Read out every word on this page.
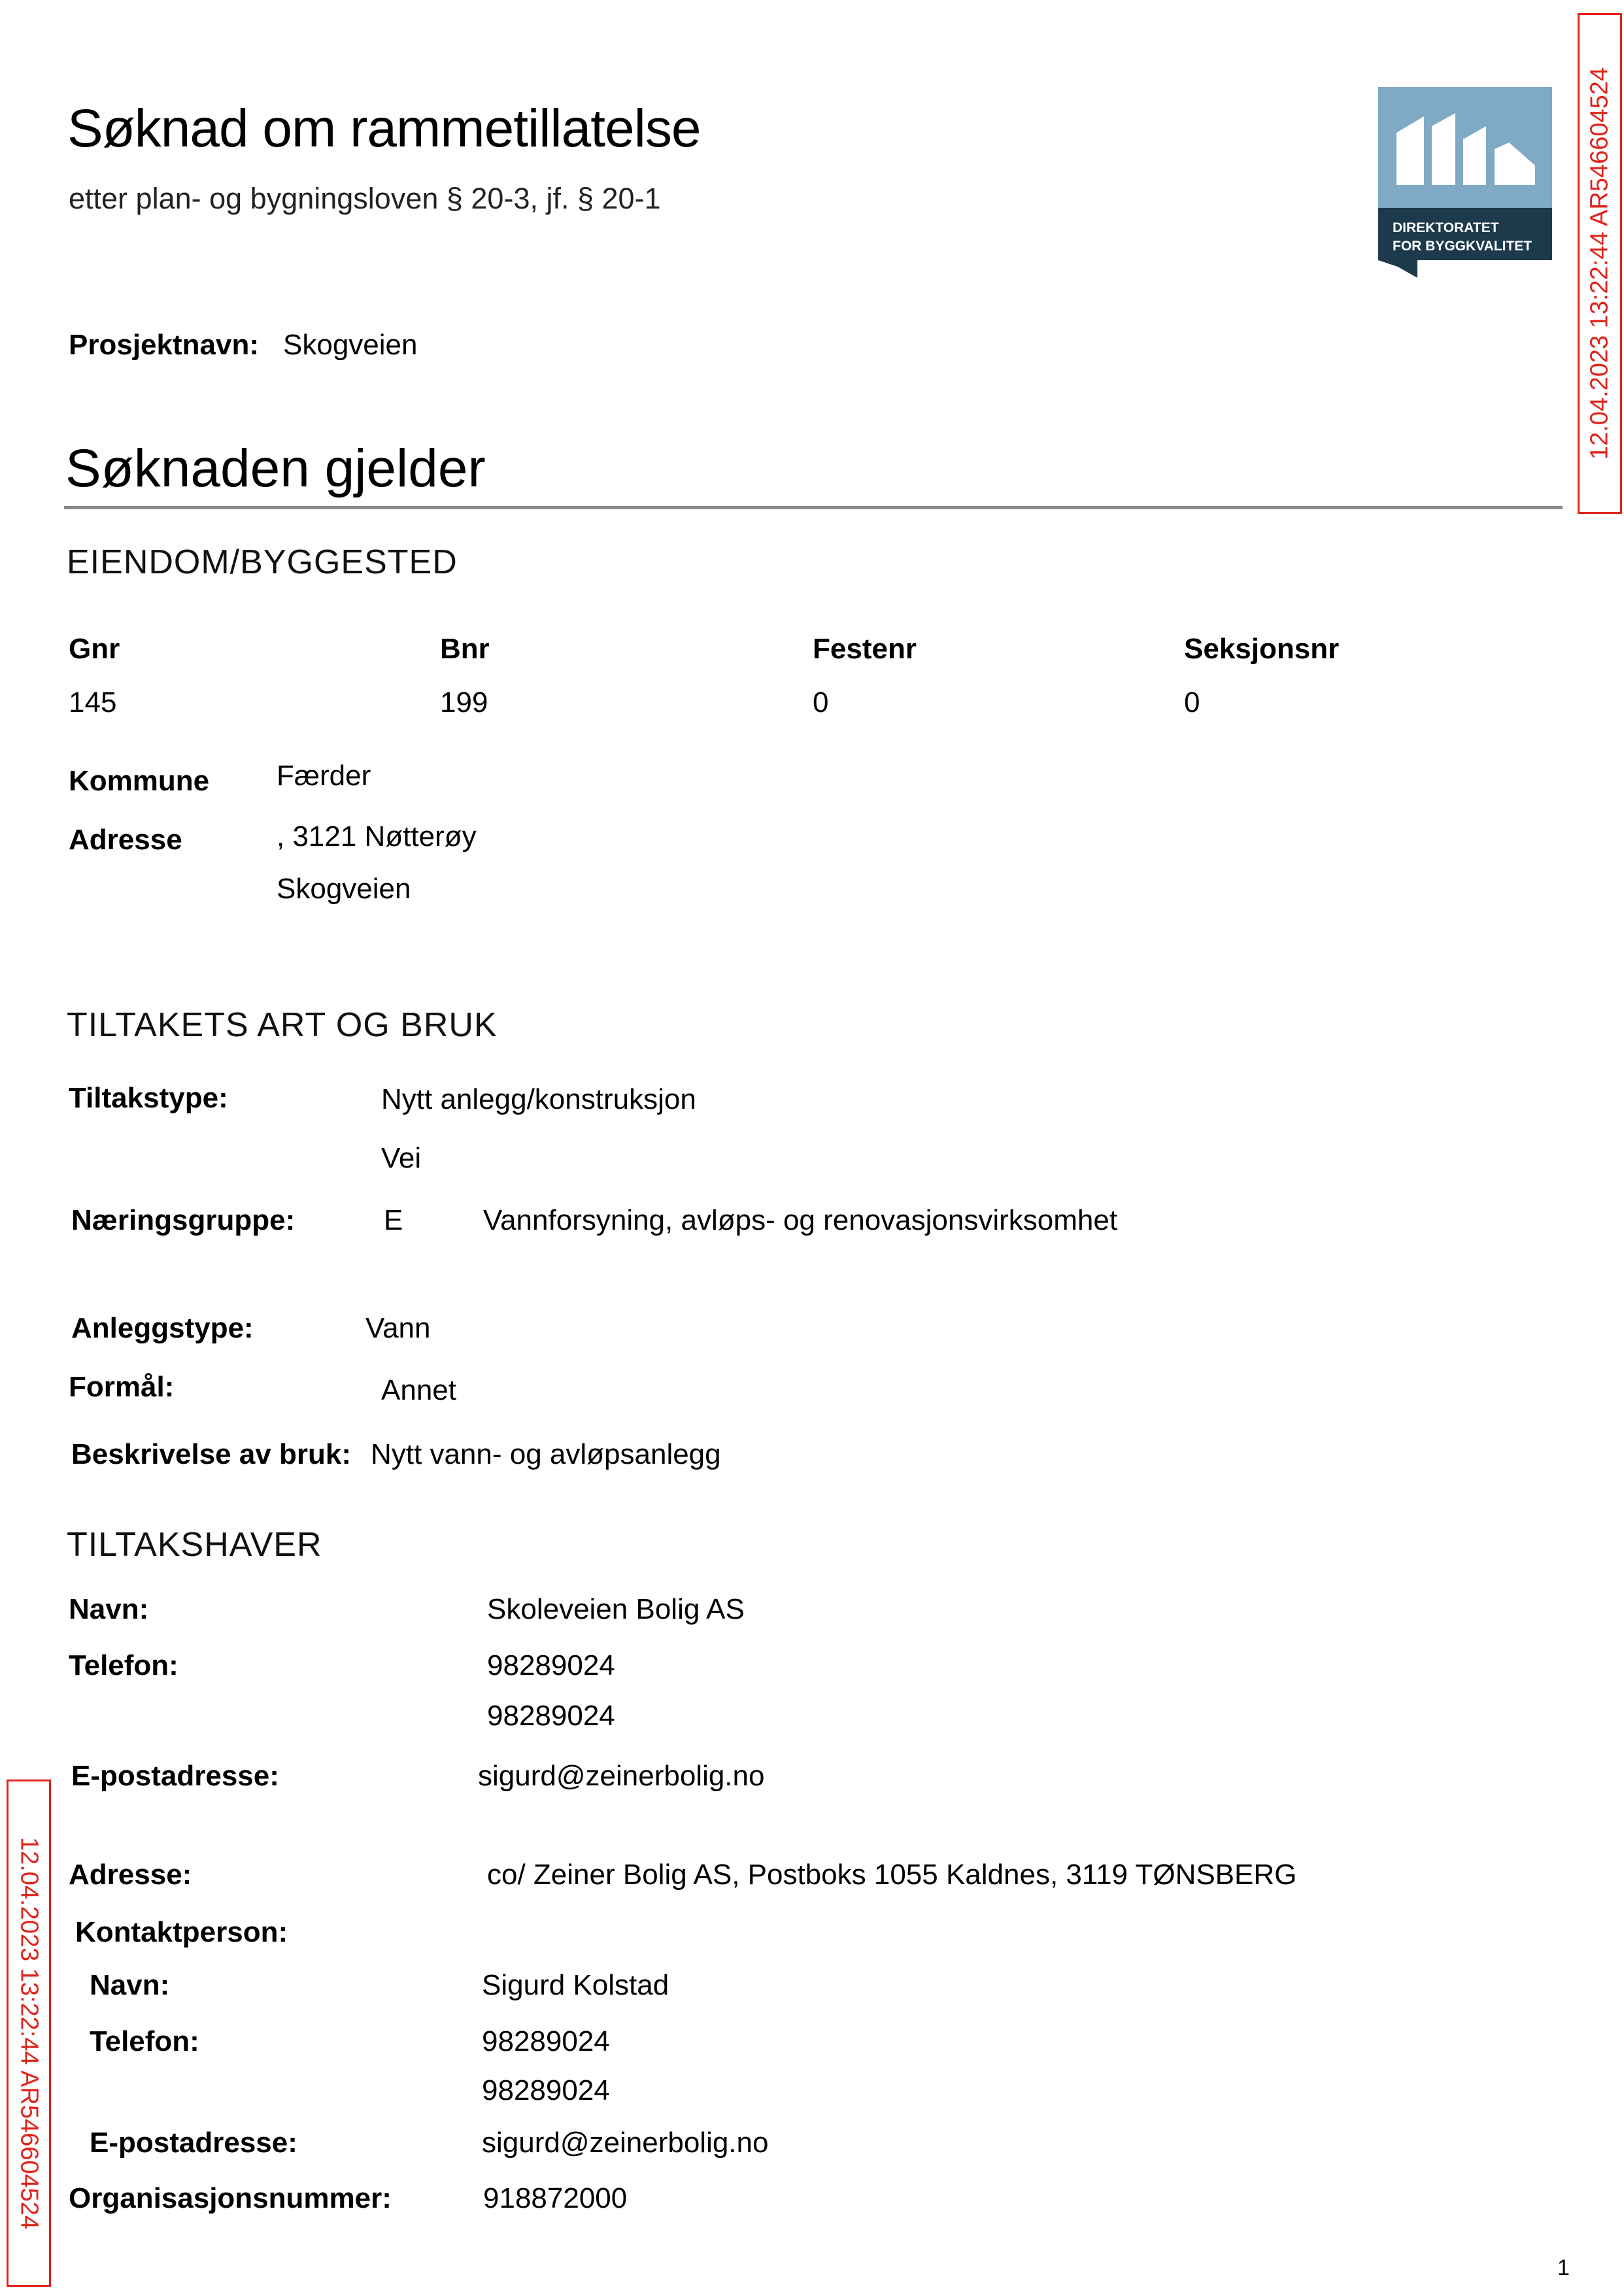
Søknad om rammetillatelse
etter plan- og bygningsloven § 20-3, jf. § 20-1
DIREKTORATET
FOR BYGGKVALITET
Prosjektnavn: Skogveien
Søknaden gjelder
EIENDOM/BYGGESTED
Gnr
145
Bnr
199
Festenr
0
Seksjonsnr
0
Kommune Færder
Adresse	, 3121 Nøtterøy
Skogveien
TILTAKETS ART OG BRUK
Tiltakstype:	Nytt anlegg/konstruksjon
Vei
Næringsgruppe:	E	Vannforsyning, avløps- og renovasjonsvirksomhet
Anleggstype:	Vann
Formål:	Annet
Beskrivelse av bruk: Nytt vann- og avløpsanlegg
TILTAKSHAVER
Navn:	Skoleveien Bolig AS
Telefon:	98289024
98289024
E-postadresse:	sigurd@zeinerbolig.no
Adresse:	co/ Zeiner Bolig AS, Postboks 1055 Kaldnes, 3119 TØNSBERG
Kontaktperson:
Navn:	Sigurd Kolstad
Telefon:	98289024
98289024
E-postadresse:	sigurd@zeinerbolig.no
Organisasjonsnummer:	918872000
1
12.04.2023 13:22:44 AR546604524
12.04.2023 13:22:44 AR546604524
